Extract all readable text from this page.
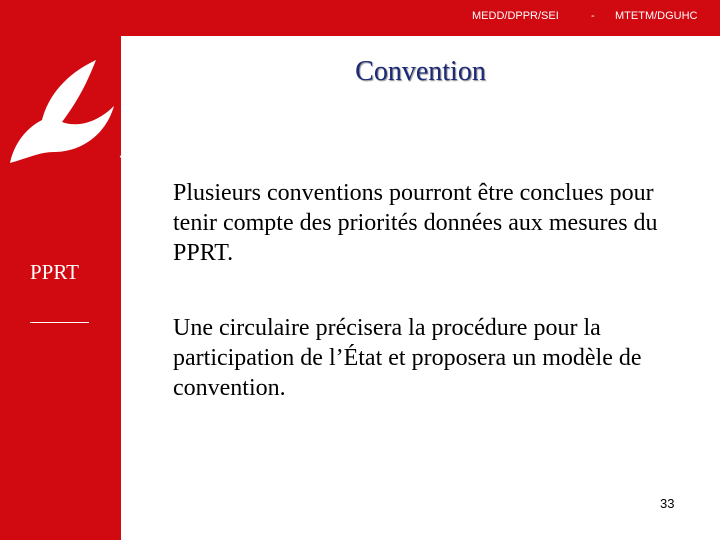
MEDD/DPPR/SEI	- MTETM/DGUHC
Convention
PPRT

Plusieurs conventions pourront être conclues pour tenir compte des priorités données aux mesures du PPRT.

Une circulaire précisera la procédure pour la participation de l’État et proposera un modèle de convention.

33
